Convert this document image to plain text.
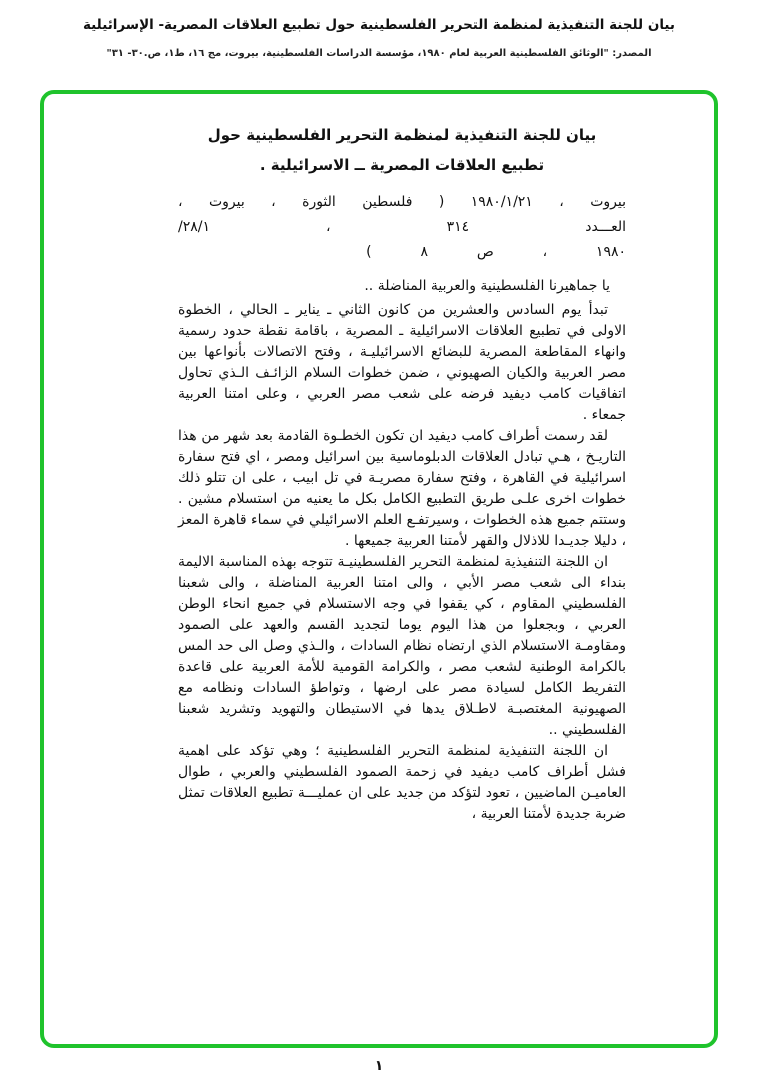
بيان للجنة التنفيذية لمنظمة التحرير الفلسطينية حول تطبيع العلاقات المصرية- الإسرائيلية
المصدر: "الوثائق الفلسطينية العربية لعام ١٩٨٠، مؤسسة الدراسات الفلسطينية، بيروت، مج ١٦، ط١، ص.٣٠- ٣١"
بيان للجنة التنفيذية لمنظمة التحرير الفلسطينية حول
تطبيع العلاقات المصرية ــ الاسرائيلية .
بيروت ، ١٩٨٠/١/٢١ ( فلسطين الثورة ، بيروت ،
العـــدد ٣١٤ ، ٢٨/١/
١٩٨٠ ، ص ٨ )

يا جماهيرنا الفلسطينية والعربية المناضلة ..

تبدأ يوم السادس والعشرين من كانون الثاني ـ يناير ـ الحالي ، الخطوة الاولى في تطبيع العلاقات الاسرائيلية ـ المصرية ، باقامة نقطة حدود رسمية وانهاء المقاطعة المصرية للبضائع الاسرائيليـة ، وفتح الاتصالات بأنواعها بين مصر العربية والكيان الصهيوني ، ضمن خطوات السلام الزائـف الـذي تحاول اتفاقيات كامب ديفيد فرضه على شعب مصر العربي ، وعلى امتنا العربية جمعاء .

لقد رسمت أطراف كامب ديفيد ان تكون الخطـوة القادمة بعد شهر من هذا التاريـخ ، هـي تبادل العلاقات الدبلوماسية بين اسرائيل ومصر ، اي فتح سفارة اسرائيلية في القاهرة ، وفتح سفارة مصريـة في تل ابيب ، على ان تتلو ذلك خطوات اخرى علـى طريق التطبيع الكامل بكل ما يعنيه من استسلام مشين . وستتم جميع هذه الخطوات ، وسيرتفـع العلم الاسرائيلي في سماء قاهرة المعز ، دليلا جديـدا للاذلال والقهر لأمتنا العربية جميعها .

ان اللجنة التنفيذية لمنظمة التحرير الفلسطينيـة تتوجه بهذه المناسبة الاليمة بنداء الى شعب مصر الأبي ، والى امتنا العربية المناضلة ، والى شعبنا الفلسطيني المقاوم ، كي يقفوا في وجه الاستسلام في جميع انحاء الوطن العربي ، وبجعلوا من هذا اليوم يوما لتجديد القسم والعهد على الصمود ومقاومـة الاستسلام الذي ارتضاه نظام السادات ، والـذي وصل الى حد المس بالكرامة الوطنية لشعب مصر ، والكرامة القومية للأمة العربية على قاعدة التفريط الكامل لسيادة مصر على ارضها ، وتواطؤ السادات ونظامه مع الصهيونية المغتصبـة لاطـلاق يدها في الاستيطان والتهويد وتشريد شعبنا الفلسطيني ..

ان اللجنة التنفيذية لمنظمة التحرير الفلسطينية ؛ وهي تؤكد على اهمية فشل أطراف كامب ديفيد في زحمة الصمود الفلسطيني والعربي ، طوال العاميـن الماضيين ، تعود لتؤكد من جديد على ان عمليـــة تطبيع العلاقات تمثل ضربة جديدة لأمتنا العربية ،

١
